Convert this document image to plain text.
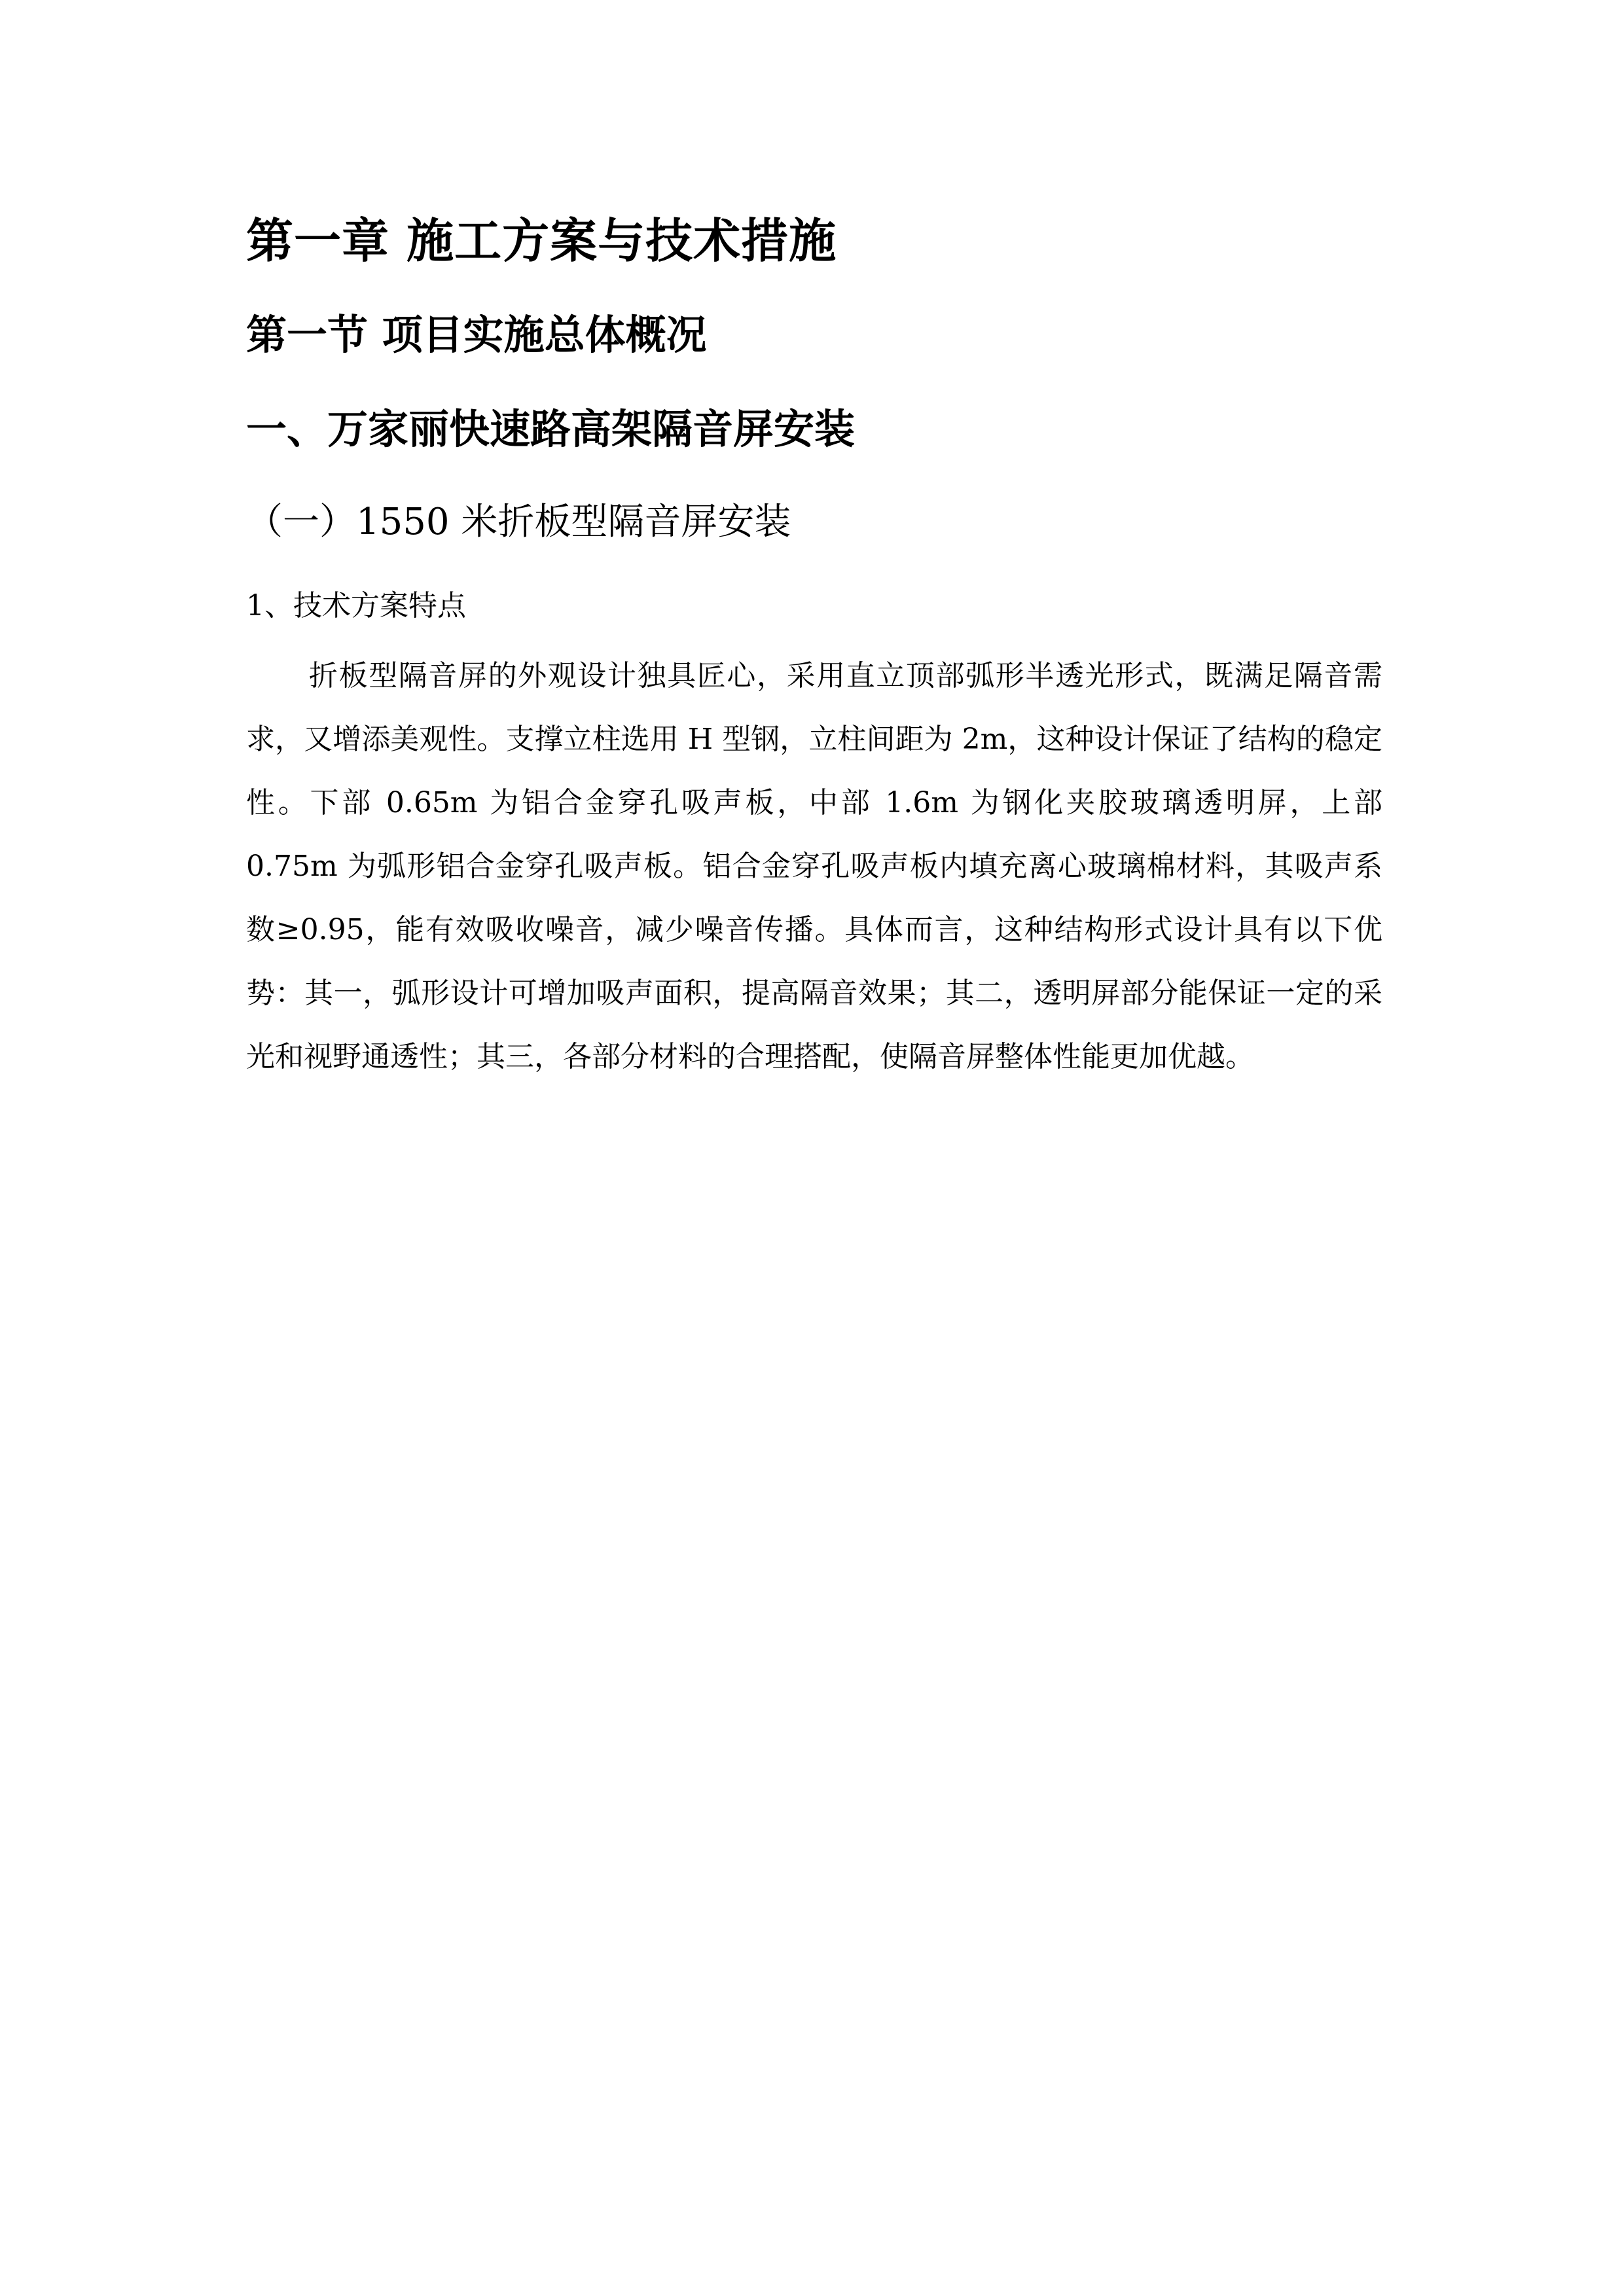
第一章 施工方案与技术措施
第一节 项目实施总体概况
一、万家丽快速路高架隔音屏安装
（一）1550 米折板型隔音屏安装
1、技术方案特点

折板型隔音屏的外观设计独具匠心，采用直立顶部弧形半透光形式，既满足隔音需求，又增添美观性。支撑立柱选用 H 型钢，立柱间距为 2m，这种设计保证了结构的稳定性。下部 0.65m 为铝合金穿孔吸声板，中部 1.6m 为钢化夹胶玻璃透明屏，上部 0.75m 为弧形铝合金穿孔吸声板。铝合金穿孔吸声板内填充离心玻璃棉材料，其吸声系数≥0.95，能有效吸收噪音，减少噪音传播。具体而言，这种结构形式设计具有以下优势：其一，弧形设计可增加吸声面积，提高隔音效果；其二，透明屏部分能保证一定的采光和视野通透性；其三，各部分材料的合理搭配，使隔音屏整体性能更加优越。
